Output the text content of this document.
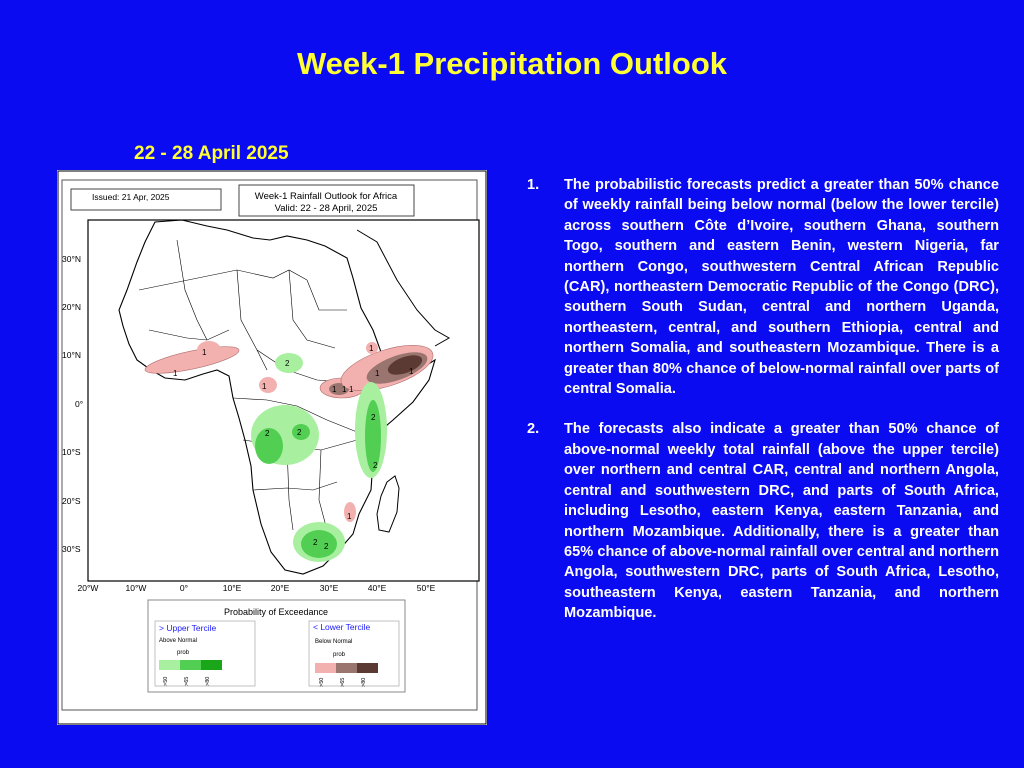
Week-1 Precipitation Outlook
22 - 28 April 2025
Issued: 21 Apr, 2025	Week-1 Rainfall Outlook for Africa
Valid: 22 - 28 April, 2025
1
1
1
2
1 1 1
1
1	1
2	2
2
2
2 2
1
30°N
20°N
10°N
0°
10°S
20°S
30°S
20°W	10°W	0°	10°E	20°E	30°E	40°E	50°E
Probability of Exceedance
> Upper Tercile
Above Normal
prob
< Lower Tercile
Below Normal
prob
>50	>65	>80	>50	>65	>80
1.	The probabilistic forecasts predict a greater than 50% chance of weekly rainfall being below normal (below the lower tercile) across southern Côte d’Ivoire, southern Ghana, southern Togo, southern and eastern Benin, western Nigeria, far northern Congo, southwestern Central African Republic (CAR), northeastern Democratic Republic of the Congo (DRC), southern South Sudan, central and northern Uganda, northeastern, central, and southern Ethiopia, central and northern Somalia, and southeastern Mozambique. There is a greater than 80% chance of below-normal rainfall over parts of central Somalia.
2.	The forecasts also indicate a greater than 50% chance of above-normal weekly total rainfall (above the upper tercile) over northern and central CAR, central and northern Angola, central and southwestern DRC, and parts of South Africa, including Lesotho, eastern Kenya, eastern Tanzania, and northern Mozambique. Additionally, there is a greater than 65% chance of above-normal rainfall over central and northern Angola, southwestern DRC, parts of South Africa, Lesotho, southeastern Kenya, eastern Tanzania, and northern Mozambique.
